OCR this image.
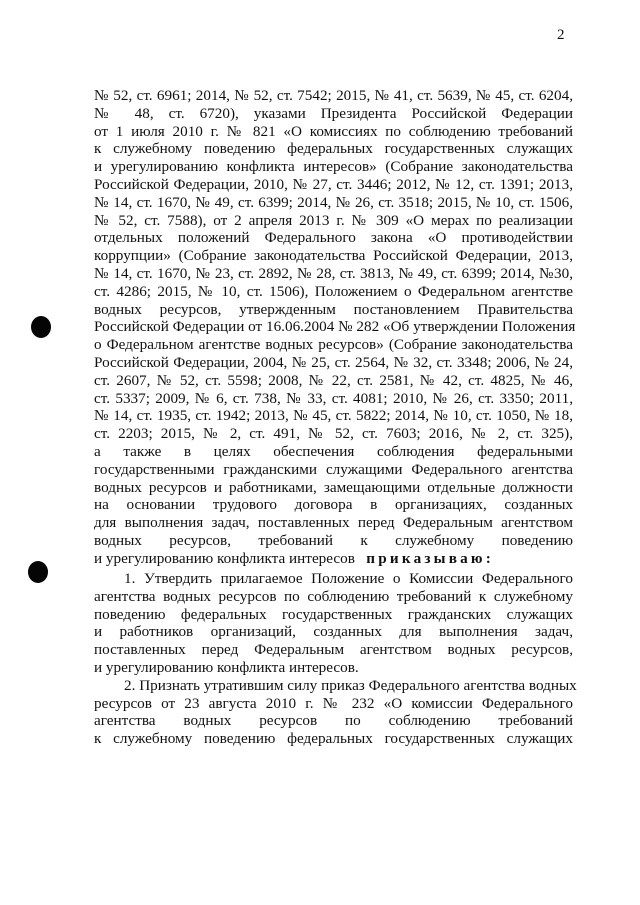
2
№ 52, ст. 6961; 2014, № 52, ст. 7542; 2015, № 41, ст. 5639, № 45, ст. 6204,
№ 48, ст. 6720), указами Президента Российской Федерации
от 1 июля 2010 г. № 821 «О комиссиях по соблюдению требований
к служебному поведению федеральных государственных служащих
и урегулированию конфликта интересов» (Собрание законодательства
Российской Федерации, 2010, № 27, ст. 3446; 2012, № 12, ст. 1391; 2013,
№ 14, ст. 1670, № 49, ст. 6399; 2014, № 26, ст. 3518; 2015, № 10, ст. 1506,
№ 52, ст. 7588), от 2 апреля 2013 г. № 309 «О мерах по реализации
отдельных положений Федерального закона «О противодействии
коррупции» (Собрание законодательства Российской Федерации, 2013,
№ 14, ст. 1670, № 23, ст. 2892, № 28, ст. 3813, № 49, ст. 6399; 2014, №30,
ст. 4286; 2015, № 10, ст. 1506), Положением о Федеральном агентстве
водных ресурсов, утвержденным постановлением Правительства
Российской Федерации от 16.06.2004 № 282 «Об утверждении Положения
о Федеральном агентстве водных ресурсов» (Собрание законодательства
Российской Федерации, 2004, № 25, ст. 2564, № 32, ст. 3348; 2006, № 24,
ст. 2607, № 52, ст. 5598; 2008, № 22, ст. 2581, № 42, ст. 4825, № 46,
ст. 5337; 2009, № 6, ст. 738, № 33, ст. 4081; 2010, № 26, ст. 3350; 2011,
№ 14, ст. 1935, ст. 1942; 2013, № 45, ст. 5822; 2014, № 10, ст. 1050, № 18,
ст. 2203; 2015, № 2, ст. 491, № 52, ст. 7603; 2016, № 2, ст. 325),
а также в целях обеспечения соблюдения федеральными
государственными гражданскими служащими Федерального агентства
водных ресурсов и работниками, замещающими отдельные должности
на основании трудового договора в организациях, созданных
для выполнения задач, поставленных перед Федеральным агентством
водных ресурсов, требований к служебному поведению
и урегулированию конфликта интересов приказываю:
1. Утвердить прилагаемое Положение о Комиссии Федерального
агентства водных ресурсов по соблюдению требований к служебному
поведению федеральных государственных гражданских служащих
и работников организаций, созданных для выполнения задач,
поставленных перед Федеральным агентством водных ресурсов,
и урегулированию конфликта интересов.
2. Признать утратившим силу приказ Федерального агентства водных
ресурсов от 23 августа 2010 г. № 232 «О комиссии Федерального
агентства водных ресурсов по соблюдению требований
к служебному поведению федеральных государственных служащих
